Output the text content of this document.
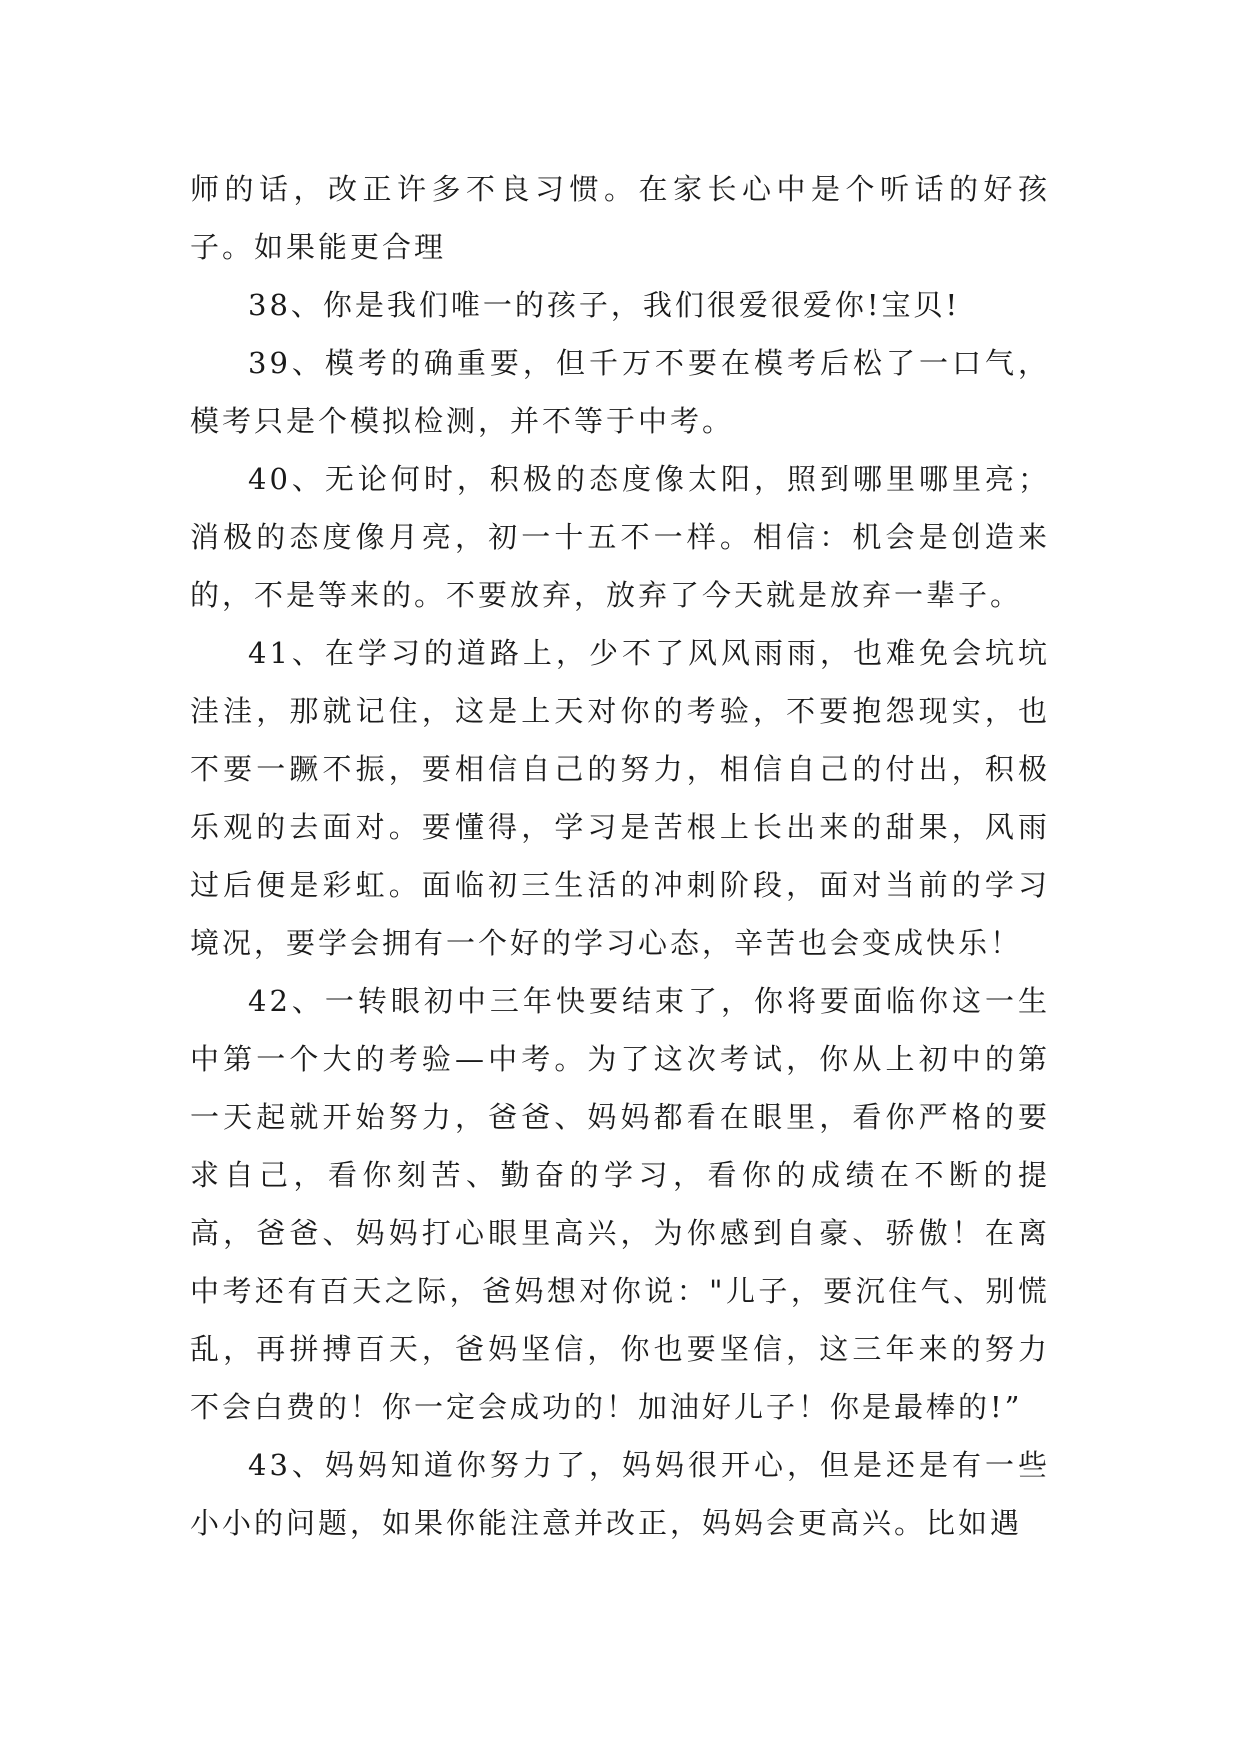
师的话，改正许多不良习惯。在家长心中是个听话的好孩子。如果能更合理

38、你是我们唯一的孩子，我们很爱很爱你!宝贝!

39、模考的确重要，但千万不要在模考后松了一口气，模考只是个模拟检测，并不等于中考。

40、无论何时，积极的态度像太阳，照到哪里哪里亮；消极的态度像月亮，初一十五不一样。相信：机会是创造来的，不是等来的。不要放弃，放弃了今天就是放弃一辈子。

41、在学习的道路上，少不了风风雨雨，也难免会坑坑洼洼，那就记住，这是上天对你的考验，不要抱怨现实，也不要一蹶不振，要相信自己的努力，相信自己的付出，积极乐观的去面对。要懂得，学习是苦根上长出来的甜果，风雨过后便是彩虹。面临初三生活的冲刺阶段，面对当前的学习境况，要学会拥有一个好的学习心态，辛苦也会变成快乐！

42、一转眼初中三年快要结束了，你将要面临你这一生中第一个大的考验—中考。为了这次考试，你从上初中的第一天起就开始努力，爸爸、妈妈都看在眼里，看你严格的要求自己，看你刻苦、勤奋的学习，看你的成绩在不断的提高，爸爸、妈妈打心眼里高兴，为你感到自豪、骄傲！在离中考还有百天之际，爸妈想对你说："儿子，要沉住气、别慌乱，再拼搏百天，爸妈坚信，你也要坚信，这三年来的努力不会白费的！你一定会成功的！加油好儿子！你是最棒的!”

43、妈妈知道你努力了，妈妈很开心，但是还是有一些小小的问题，如果你能注意并改正，妈妈会更高兴。比如遇
